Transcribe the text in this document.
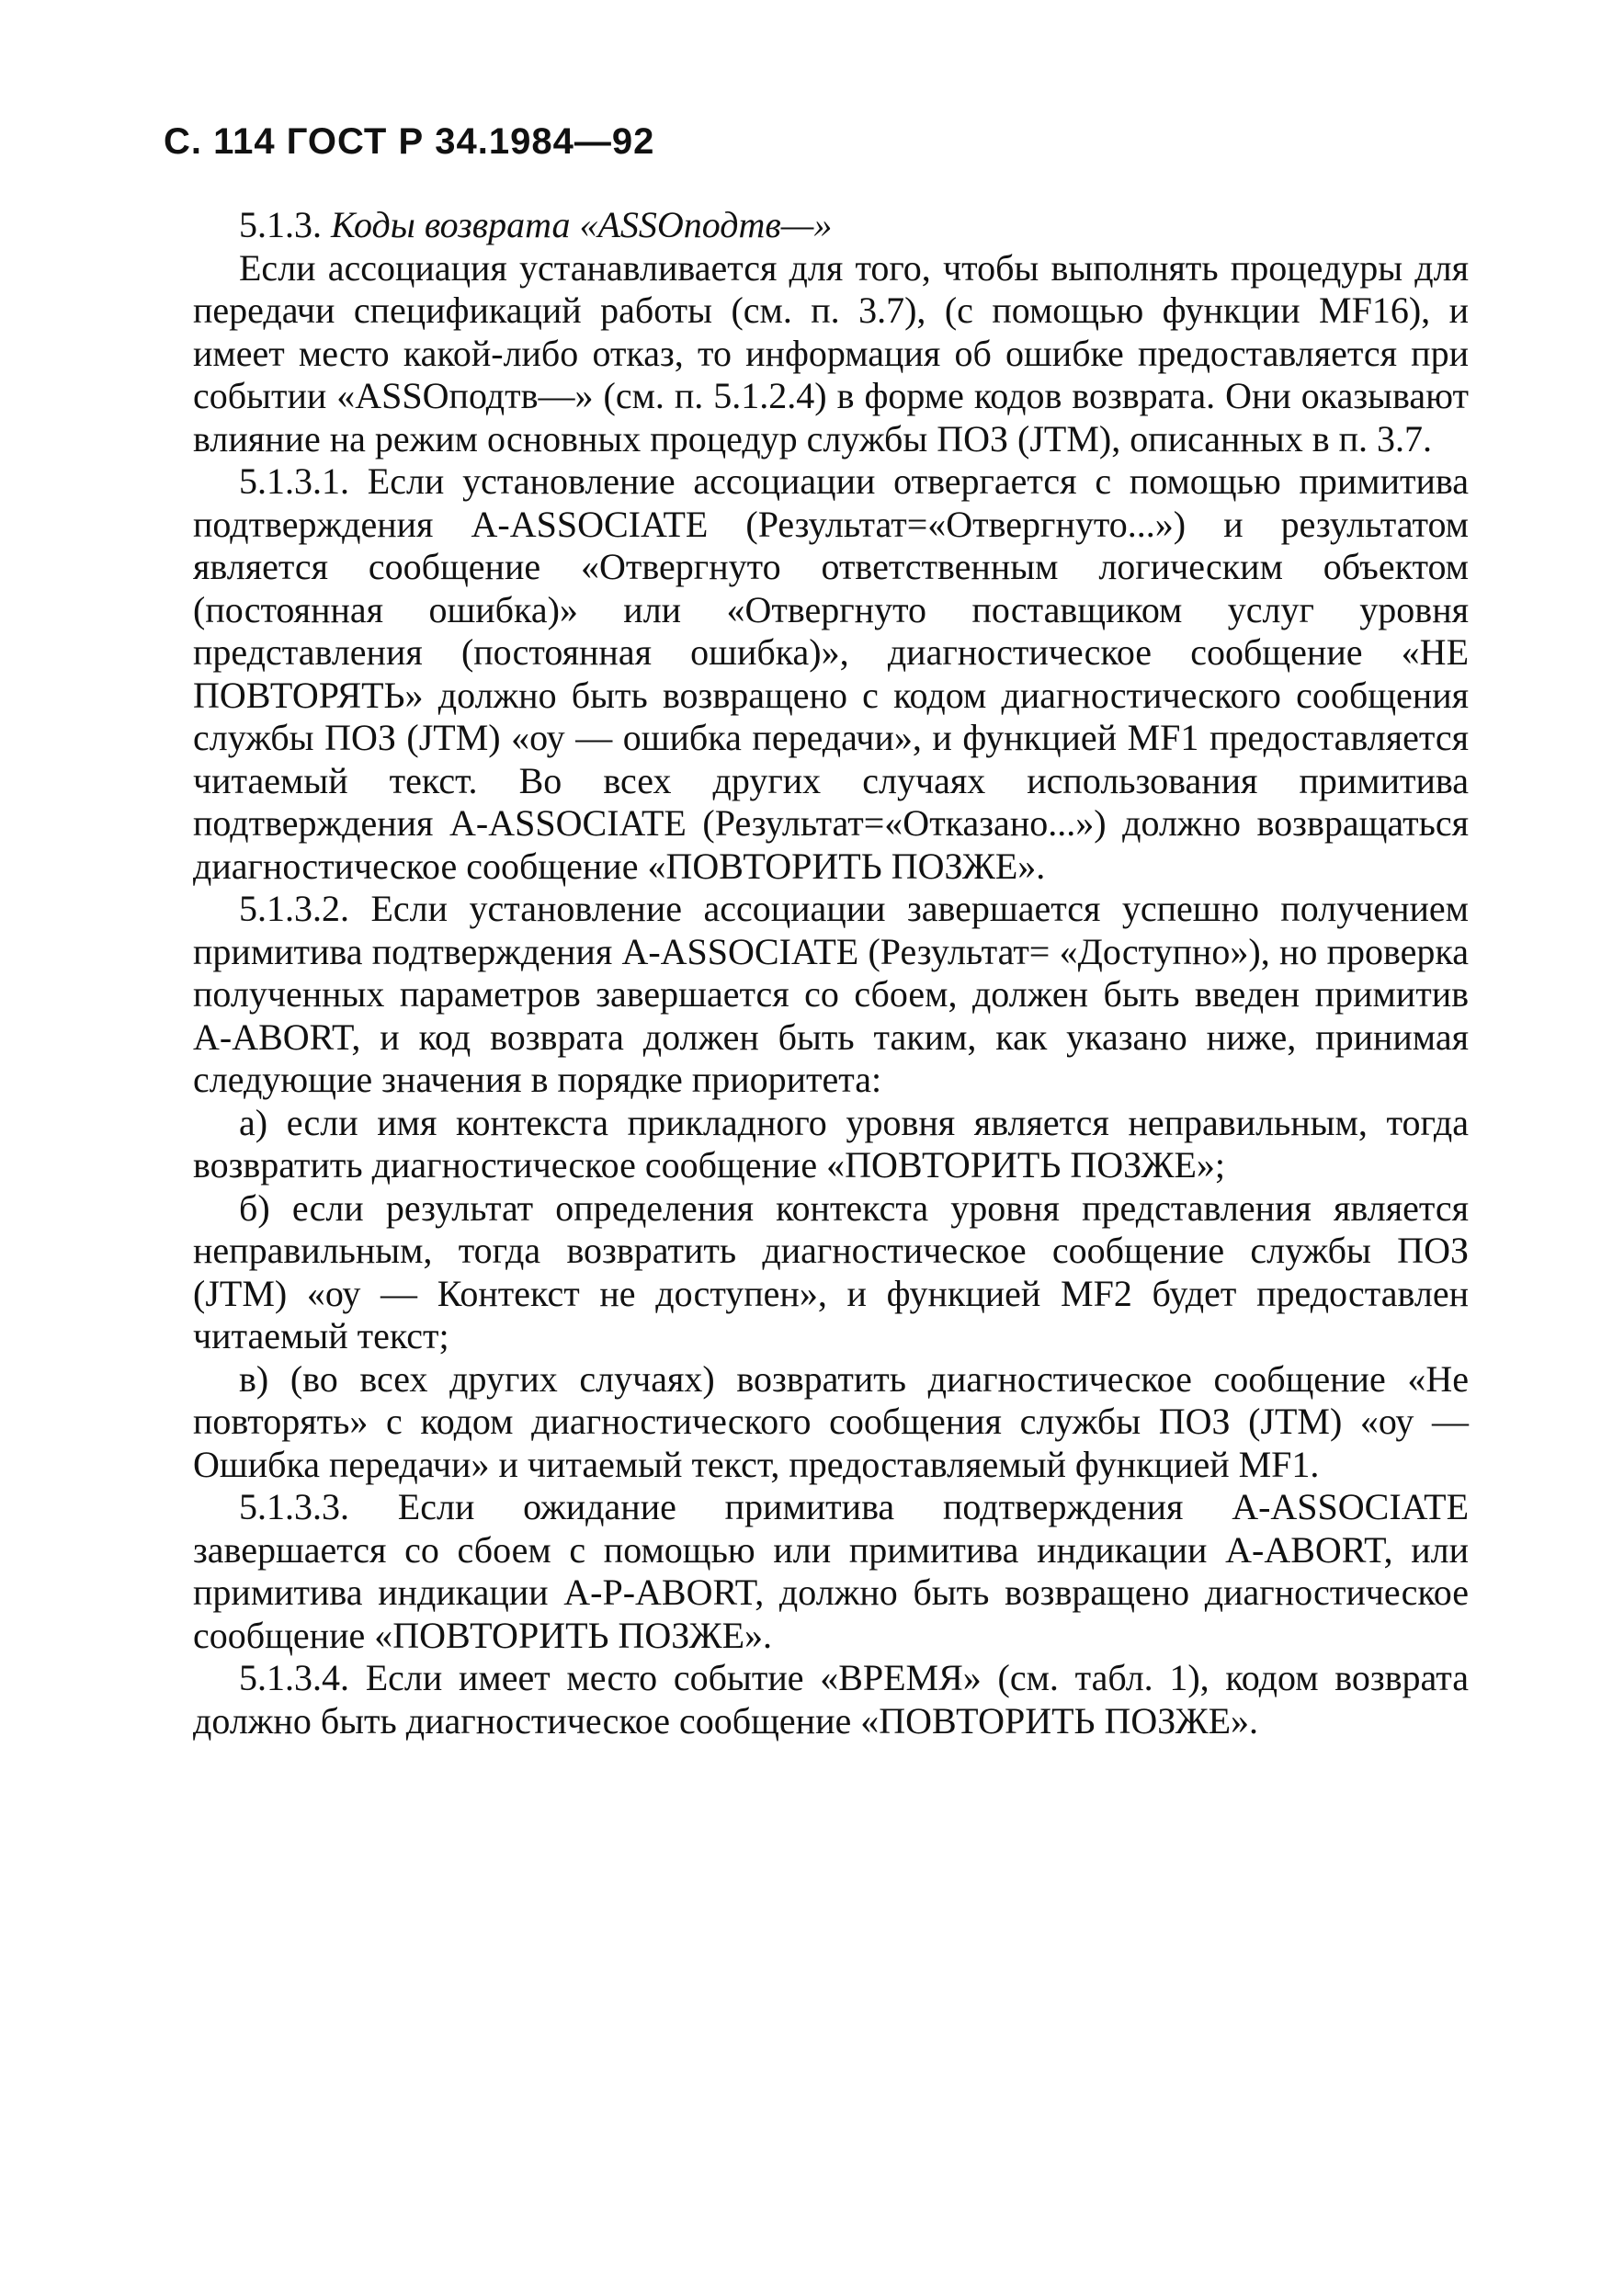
С. 114 ГОСТ Р 34.1984—92

5.1.3. Коды возврата «ASSOподтв—»

Если ассоциация устанавливается для того, чтобы выполнять процедуры для передачи спецификаций работы (см. п. 3.7), (с помощью функции MF16), и имеет место какой-либо отказ, то информация об ошибке предоставляется при событии «ASSOподтв—» (см. п. 5.1.2.4) в форме кодов возврата. Они оказывают влияние на режим основных процедур службы ПОЗ (JTM), описанных в п. 3.7.

5.1.3.1. Если установление ассоциации отвергается с помощью примитива подтверждения A-ASSOCIATE (Результат=«Отвергнуто...») и результатом является сообщение «Отвергнуто ответственным логическим объектом (постоянная ошибка)» или «Отвергнуто поставщиком услуг уровня представления (постоянная ошибка)», диагностическое сообщение «НЕ ПОВТОРЯТЬ» должно быть возвращено с кодом диагностического сообщения службы ПОЗ (JTM) «оу — ошибка передачи», и функцией MF1 предоставляется читаемый текст. Во всех других случаях использования примитива подтверждения A-ASSOCIATE (Результат=«Отказано...») должно возвращаться диагностическое сообщение «ПОВТОРИТЬ ПОЗЖЕ».

5.1.3.2. Если установление ассоциации завершается успешно получением примитива подтверждения A-ASSOCIATE (Результат= «Доступно»), но проверка полученных параметров завершается со сбоем, должен быть введен примитив A-ABORT, и код возврата должен быть таким, как указано ниже, принимая следующие значения в порядке приоритета:

а) если имя контекста прикладного уровня является неправильным, тогда возвратить диагностическое сообщение «ПОВТОРИТЬ ПОЗЖЕ»;

б) если результат определения контекста уровня представления является неправильным, тогда возвратить диагностическое сообщение службы ПОЗ (JTM) «оу — Контекст не доступен», и функцией MF2 будет предоставлен читаемый текст;

в) (во всех других случаях) возвратить диагностическое сообщение «Не повторять» с кодом диагностического сообщения службы ПОЗ (JTM) «оу — Ошибка передачи» и читаемый текст, предоставляемый функцией MF1.

5.1.3.3. Если ожидание примитива подтверждения A-ASSOCIATE завершается со сбоем с помощью или примитива индикации A-ABORT, или примитива индикации A-P-ABORT, должно быть возвращено диагностическое сообщение «ПОВТОРИТЬ ПОЗЖЕ».

5.1.3.4. Если имеет место событие «ВРЕМЯ» (см. табл. 1), кодом возврата должно быть диагностическое сообщение «ПОВТОРИТЬ ПОЗЖЕ».
